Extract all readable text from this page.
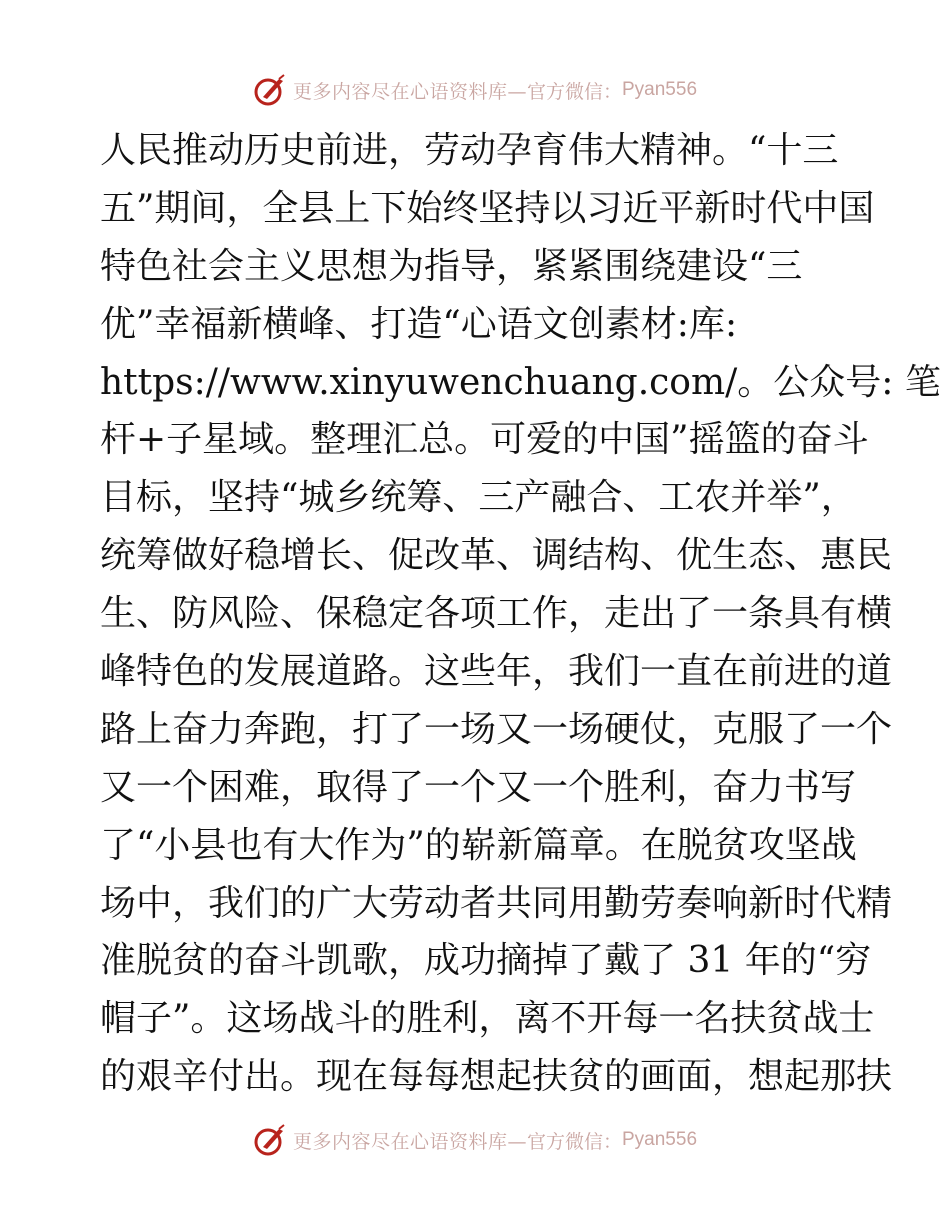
更多内容尽在心语资料库— 官方微信： Pyan556
人民推动历史前进，劳动孕育伟大精神。“十三
五”期间，全县上下始终坚持以习近平新时代中国
特色社会主义思想为指导，紧紧围绕建设“三
优”幸福新横峰、打造“心语文创素材:库:
https://www.xinyuwenchuang.com/。公众号: 笔
杆+子星域。整理汇总。可爱的中国”摇篮的奋斗
目标，坚持“城乡统筹、三产融合、工农并举”，
统筹做好稳增长、促改革、调结构、优生态、惠民
生、防风险、保稳定各项工作，走出了一条具有横
峰特色的发展道路。这些年，我们一直在前进的道
路上奋力奔跑，打了一场又一场硬仗，克服了一个
又一个困难，取得了一个又一个胜利，奋力书写
了“小县也有大作为”的崭新篇章。在脱贫攻坚战
场中，我们的广大劳动者共同用勤劳奏响新时代精
准脱贫的奋斗凯歌，成功摘掉了戴了 31 年的“穷
帽子”。这场战斗的胜利，离不开每一名扶贫战士
的艰辛付出。现在每每想起扶贫的画面，想起那扶
更多内容尽在心语资料库— 官方微信： Pyan556
